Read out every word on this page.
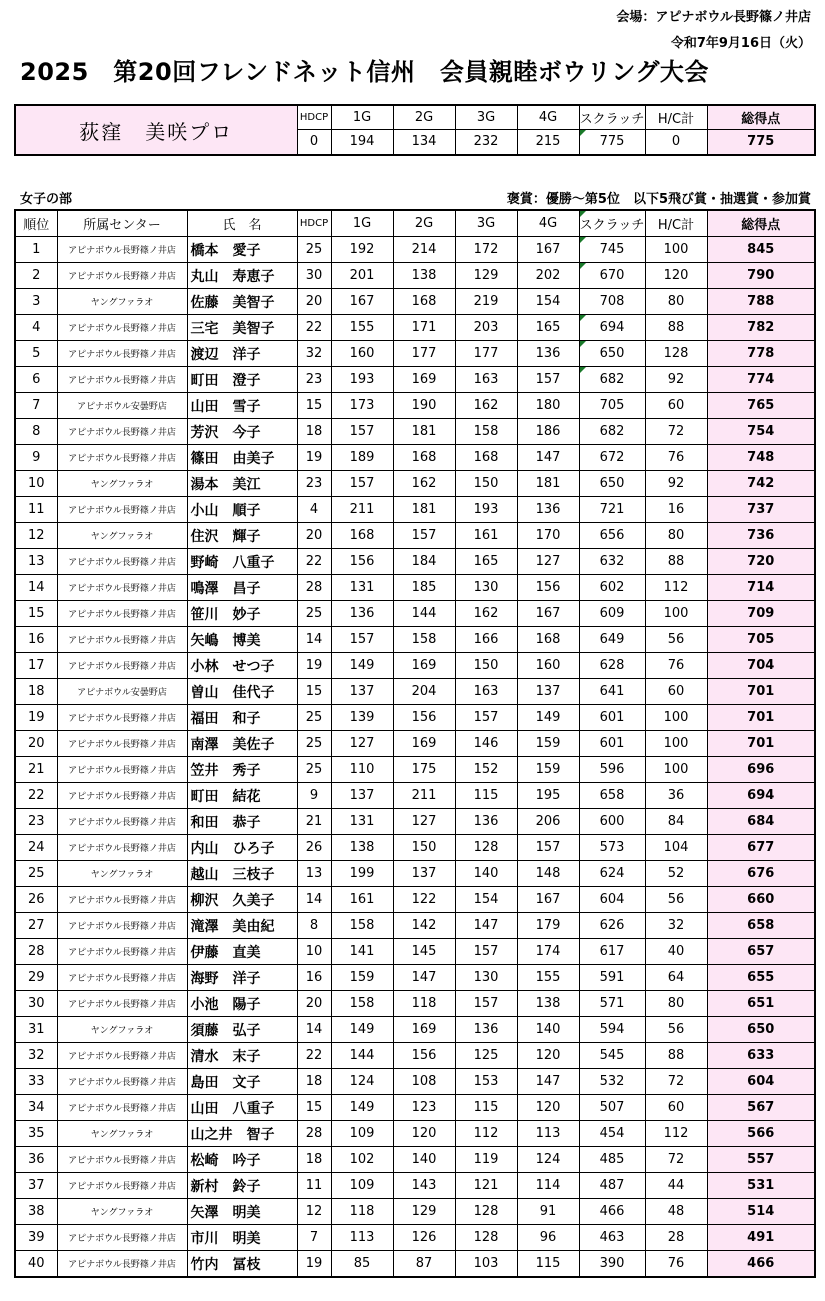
会場：アピナボウル長野篠ノ井店
令和7年9月16日（火）
2025　第20回フレンドネット信州　会員親睦ボウリング大会
荻窪　美咲プロ	HDCP	1G	2G	3G	4G	スクラッチ	H/C計	総得点
	0	194	134	232	215	775	0	775
女子の部	褒賞：優勝～第5位　以下5飛び賞・抽選賞・参加賞
順位	所属センター	氏　名	HDCP	1G	2G	3G	4G	スクラッチ	H/C計	総得点
1	アピナボウル長野篠ノ井店	橋本　愛子	25	192	214	172	167	745	100	845
2	アピナボウル長野篠ノ井店	丸山　寿恵子	30	201	138	129	202	670	120	790
3	ヤングファラオ	佐藤　美智子	20	167	168	219	154	708	80	788
4	アピナボウル長野篠ノ井店	三宅　美智子	22	155	171	203	165	694	88	782
5	アピナボウル長野篠ノ井店	渡辺　洋子	32	160	177	177	136	650	128	778
6	アピナボウル長野篠ノ井店	町田　澄子	23	193	169	163	157	682	92	774
7	アピナボウル安曇野店	山田　雪子	15	173	190	162	180	705	60	765
8	アピナボウル長野篠ノ井店	芳沢　今子	18	157	181	158	186	682	72	754
9	アピナボウル長野篠ノ井店	篠田　由美子	19	189	168	168	147	672	76	748
10	ヤングファラオ	湯本　美江	23	157	162	150	181	650	92	742
11	アピナボウル長野篠ノ井店	小山　順子	4	211	181	193	136	721	16	737
12	ヤングファラオ	住沢　輝子	20	168	157	161	170	656	80	736
13	アピナボウル長野篠ノ井店	野崎　八重子	22	156	184	165	127	632	88	720
14	アピナボウル長野篠ノ井店	鳴澤　昌子	28	131	185	130	156	602	112	714
15	アピナボウル長野篠ノ井店	笹川　妙子	25	136	144	162	167	609	100	709
16	アピナボウル長野篠ノ井店	矢嶋　博美	14	157	158	166	168	649	56	705
17	アピナボウル長野篠ノ井店	小林　せつ子	19	149	169	150	160	628	76	704
18	アピナボウル安曇野店	曽山　佳代子	15	137	204	163	137	641	60	701
19	アピナボウル長野篠ノ井店	福田　和子	25	139	156	157	149	601	100	701
20	アピナボウル長野篠ノ井店	南澤　美佐子	25	127	169	146	159	601	100	701
21	アピナボウル長野篠ノ井店	笠井　秀子	25	110	175	152	159	596	100	696
22	アピナボウル長野篠ノ井店	町田　結花	9	137	211	115	195	658	36	694
23	アピナボウル長野篠ノ井店	和田　恭子	21	131	127	136	206	600	84	684
24	アピナボウル長野篠ノ井店	内山　ひろ子	26	138	150	128	157	573	104	677
25	ヤングファラオ	越山　三枝子	13	199	137	140	148	624	52	676
26	アピナボウル長野篠ノ井店	柳沢　久美子	14	161	122	154	167	604	56	660
27	アピナボウル長野篠ノ井店	滝澤　美由紀	8	158	142	147	179	626	32	658
28	アピナボウル長野篠ノ井店	伊藤　直美	10	141	145	157	174	617	40	657
29	アピナボウル長野篠ノ井店	海野　洋子	16	159	147	130	155	591	64	655
30	アピナボウル長野篠ノ井店	小池　陽子	20	158	118	157	138	571	80	651
31	ヤングファラオ	須藤　弘子	14	149	169	136	140	594	56	650
32	アピナボウル長野篠ノ井店	清水　末子	22	144	156	125	120	545	88	633
33	アピナボウル長野篠ノ井店	島田　文子	18	124	108	153	147	532	72	604
34	アピナボウル長野篠ノ井店	山田　八重子	15	149	123	115	120	507	60	567
35	ヤングファラオ	山之井　智子	28	109	120	112	113	454	112	566
36	アピナボウル長野篠ノ井店	松崎　吟子	18	102	140	119	124	485	72	557
37	アピナボウル長野篠ノ井店	新村　鈴子	11	109	143	121	114	487	44	531
38	ヤングファラオ	矢澤　明美	12	118	129	128	91	466	48	514
39	アピナボウル長野篠ノ井店	市川　明美	7	113	126	128	96	463	28	491
40	アピナボウル長野篠ノ井店	竹内　冨枝	19	85	87	103	115	390	76	466
